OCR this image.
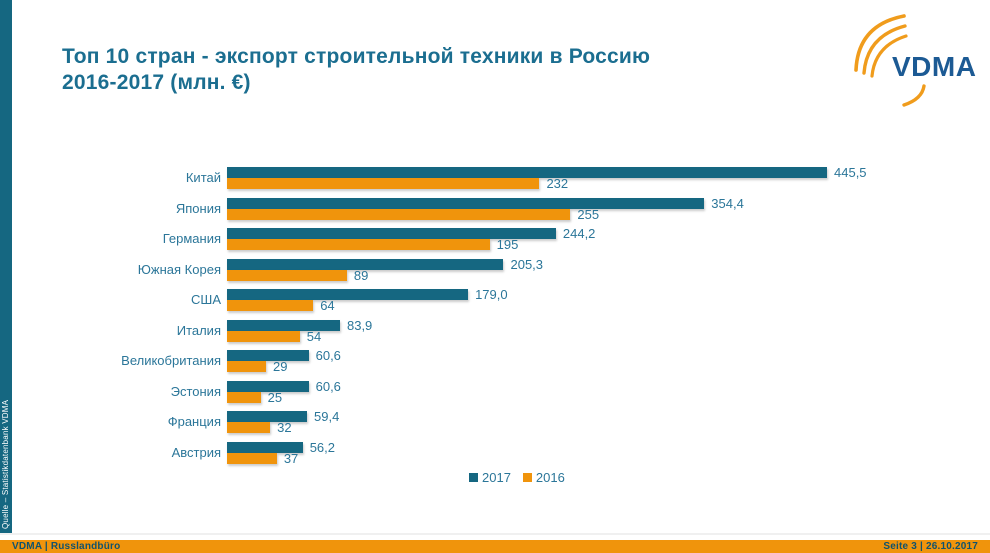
Quelle – Statistikdatenbank VDMA
Топ 10 стран - экспорт строительной техники в Россию
2016-2017 (млн. €)
VDMA
Китай	445,5
232
Япония	354,4
255
Германия	244,2
195
Южная Корея	205,3
89
США	179,0
64
Италия	83,9
54
Великобритания	60,6
29
Эстония	60,6
25
Франция	59,4
32
Австрия	56,2
37
2017 2016
VDMA | Russlandbüro	Seite 3 | 26.10.2017
